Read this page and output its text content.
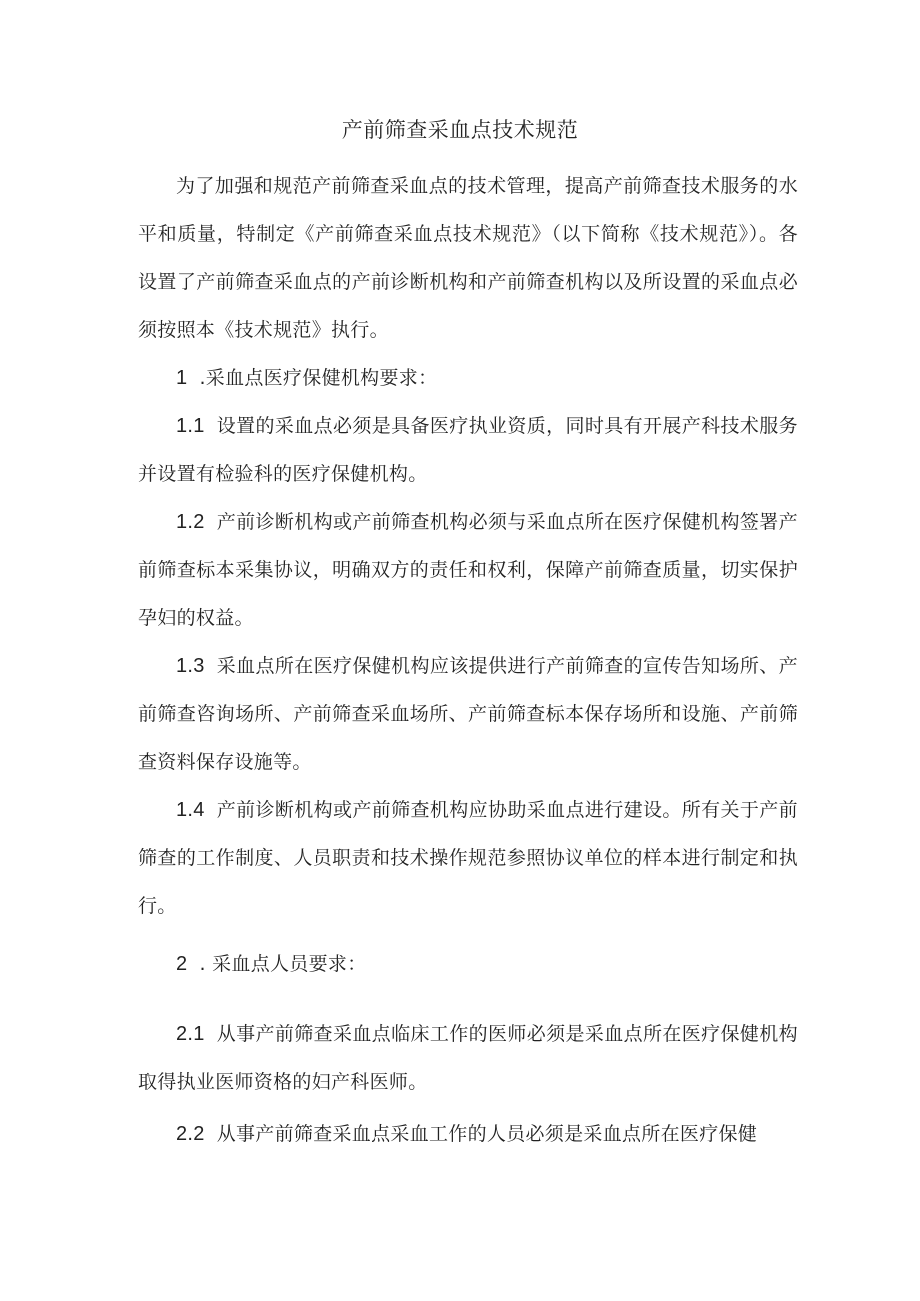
产前筛查采血点技术规范

为了加强和规范产前筛查采血点的技术管理，提高产前筛查技术服务的水平和质量，特制定《产前筛查采血点技术规范》（以下简称《技术规范》）。各设置了产前筛查采血点的产前诊断机构和产前筛查机构以及所设置的采血点必须按照本《技术规范》执行。

1 .采血点医疗保健机构要求：

1.1 设置的采血点必须是具备医疗执业资质，同时具有开展产科技术服务并设置有检验科的医疗保健机构。

1.2 产前诊断机构或产前筛查机构必须与采血点所在医疗保健机构签署产前筛查标本采集协议，明确双方的责任和权利，保障产前筛查质量，切实保护孕妇的权益。

1.3 采血点所在医疗保健机构应该提供进行产前筛查的宣传告知场所、产前筛查咨询场所、产前筛查采血场所、产前筛查标本保存场所和设施、产前筛查资料保存设施等。

1.4 产前诊断机构或产前筛查机构应协助采血点进行建设。所有关于产前筛查的工作制度、人员职责和技术操作规范参照协议单位的样本进行制定和执行。

2 . 采血点人员要求：

2.1 从事产前筛查采血点临床工作的医师必须是采血点所在医疗保健机构取得执业医师资格的妇产科医师。

2.2 从事产前筛查采血点采血工作的人员必须是采血点所在医疗保健
